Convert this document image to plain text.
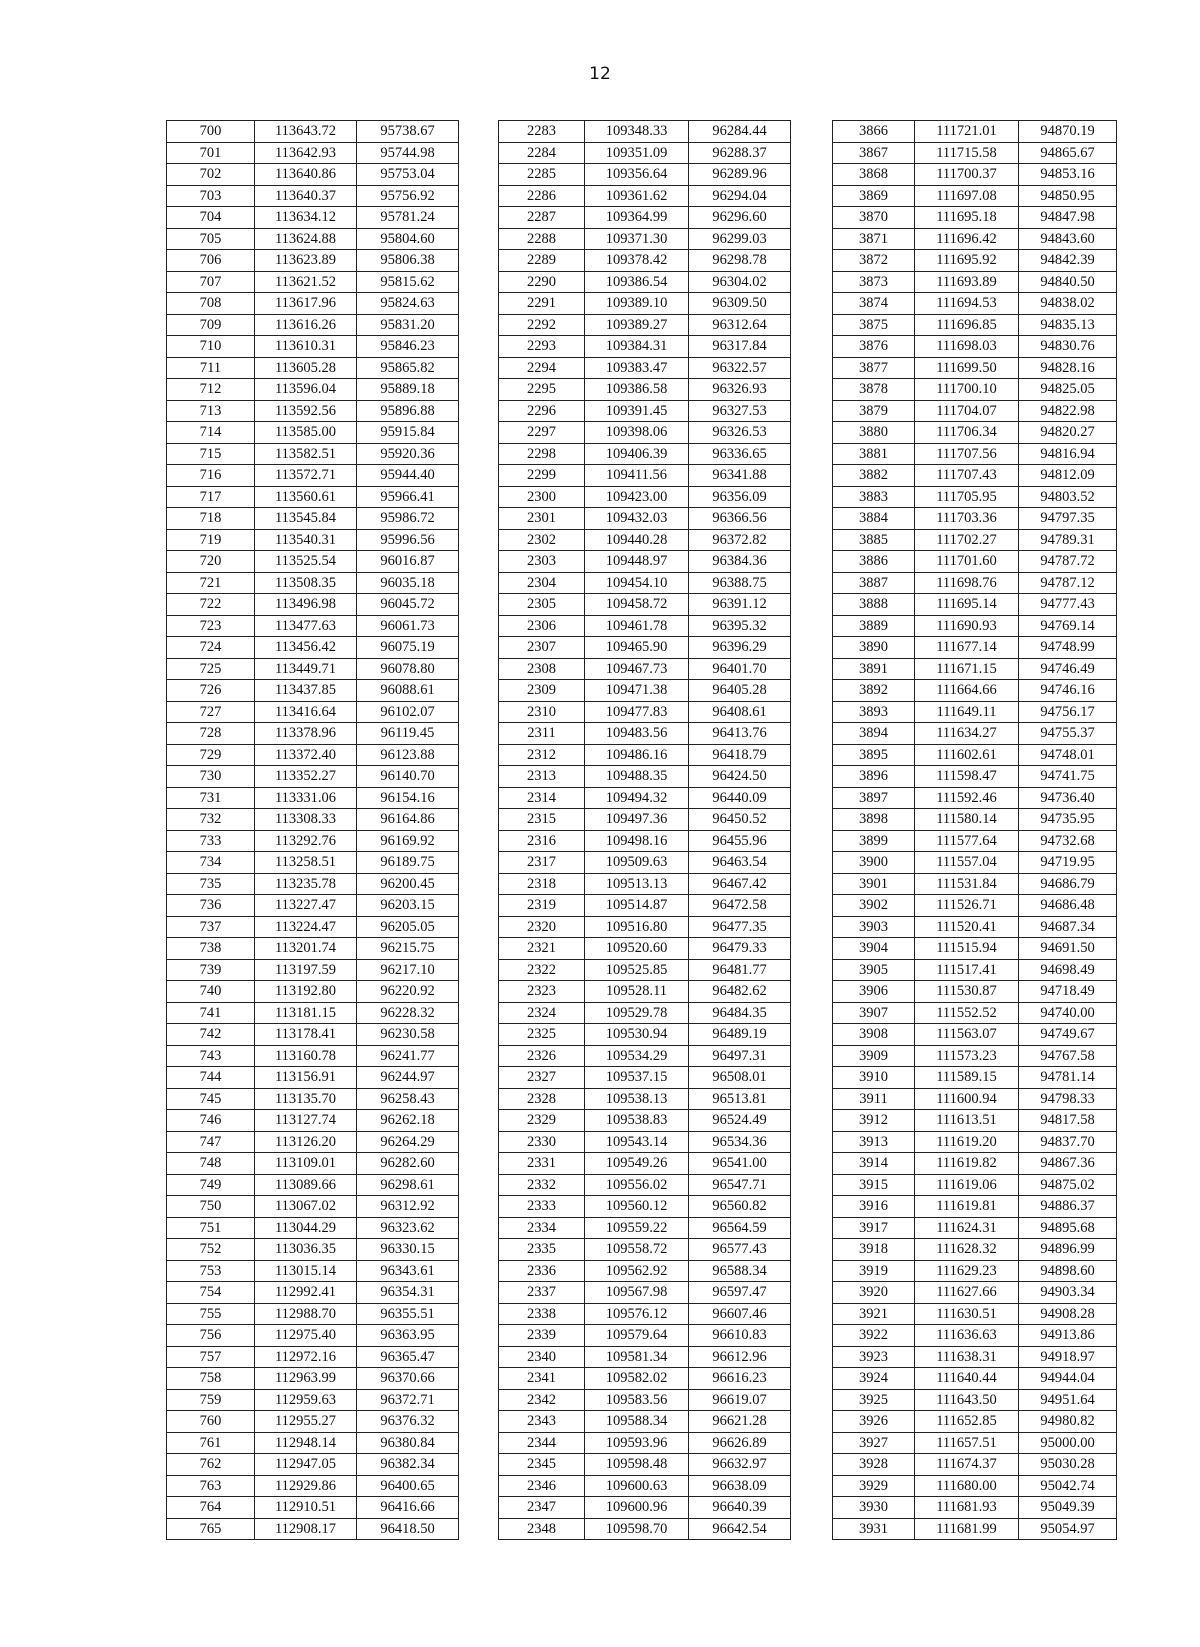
12
700	113643.72	95738.67
701	113642.93	95744.98
702	113640.86	95753.04
703	113640.37	95756.92
704	113634.12	95781.24
705	113624.88	95804.60
706	113623.89	95806.38
707	113621.52	95815.62
708	113617.96	95824.63
709	113616.26	95831.20
710	113610.31	95846.23
711	113605.28	95865.82
712	113596.04	95889.18
713	113592.56	95896.88
714	113585.00	95915.84
715	113582.51	95920.36
716	113572.71	95944.40
717	113560.61	95966.41
718	113545.84	95986.72
719	113540.31	95996.56
720	113525.54	96016.87
721	113508.35	96035.18
722	113496.98	96045.72
723	113477.63	96061.73
724	113456.42	96075.19
725	113449.71	96078.80
726	113437.85	96088.61
727	113416.64	96102.07
728	113378.96	96119.45
729	113372.40	96123.88
730	113352.27	96140.70
731	113331.06	96154.16
732	113308.33	96164.86
733	113292.76	96169.92
734	113258.51	96189.75
735	113235.78	96200.45
736	113227.47	96203.15
737	113224.47	96205.05
738	113201.74	96215.75
739	113197.59	96217.10
740	113192.80	96220.92
741	113181.15	96228.32
742	113178.41	96230.58
743	113160.78	96241.77
744	113156.91	96244.97
745	113135.70	96258.43
746	113127.74	96262.18
747	113126.20	96264.29
748	113109.01	96282.60
749	113089.66	96298.61
750	113067.02	96312.92
751	113044.29	96323.62
752	113036.35	96330.15
753	113015.14	96343.61
754	112992.41	96354.31
755	112988.70	96355.51
756	112975.40	96363.95
757	112972.16	96365.47
758	112963.99	96370.66
759	112959.63	96372.71
760	112955.27	96376.32
761	112948.14	96380.84
762	112947.05	96382.34
763	112929.86	96400.65
764	112910.51	96416.66
765	112908.17	96418.50
2283	109348.33	96284.44
2284	109351.09	96288.37
2285	109356.64	96289.96
2286	109361.62	96294.04
2287	109364.99	96296.60
2288	109371.30	96299.03
2289	109378.42	96298.78
2290	109386.54	96304.02
2291	109389.10	96309.50
2292	109389.27	96312.64
2293	109384.31	96317.84
2294	109383.47	96322.57
2295	109386.58	96326.93
2296	109391.45	96327.53
2297	109398.06	96326.53
2298	109406.39	96336.65
2299	109411.56	96341.88
2300	109423.00	96356.09
2301	109432.03	96366.56
2302	109440.28	96372.82
2303	109448.97	96384.36
2304	109454.10	96388.75
2305	109458.72	96391.12
2306	109461.78	96395.32
2307	109465.90	96396.29
2308	109467.73	96401.70
2309	109471.38	96405.28
2310	109477.83	96408.61
2311	109483.56	96413.76
2312	109486.16	96418.79
2313	109488.35	96424.50
2314	109494.32	96440.09
2315	109497.36	96450.52
2316	109498.16	96455.96
2317	109509.63	96463.54
2318	109513.13	96467.42
2319	109514.87	96472.58
2320	109516.80	96477.35
2321	109520.60	96479.33
2322	109525.85	96481.77
2323	109528.11	96482.62
2324	109529.78	96484.35
2325	109530.94	96489.19
2326	109534.29	96497.31
2327	109537.15	96508.01
2328	109538.13	96513.81
2329	109538.83	96524.49
2330	109543.14	96534.36
2331	109549.26	96541.00
2332	109556.02	96547.71
2333	109560.12	96560.82
2334	109559.22	96564.59
2335	109558.72	96577.43
2336	109562.92	96588.34
2337	109567.98	96597.47
2338	109576.12	96607.46
2339	109579.64	96610.83
2340	109581.34	96612.96
2341	109582.02	96616.23
2342	109583.56	96619.07
2343	109588.34	96621.28
2344	109593.96	96626.89
2345	109598.48	96632.97
2346	109600.63	96638.09
2347	109600.96	96640.39
2348	109598.70	96642.54
3866	111721.01	94870.19
3867	111715.58	94865.67
3868	111700.37	94853.16
3869	111697.08	94850.95
3870	111695.18	94847.98
3871	111696.42	94843.60
3872	111695.92	94842.39
3873	111693.89	94840.50
3874	111694.53	94838.02
3875	111696.85	94835.13
3876	111698.03	94830.76
3877	111699.50	94828.16
3878	111700.10	94825.05
3879	111704.07	94822.98
3880	111706.34	94820.27
3881	111707.56	94816.94
3882	111707.43	94812.09
3883	111705.95	94803.52
3884	111703.36	94797.35
3885	111702.27	94789.31
3886	111701.60	94787.72
3887	111698.76	94787.12
3888	111695.14	94777.43
3889	111690.93	94769.14
3890	111677.14	94748.99
3891	111671.15	94746.49
3892	111664.66	94746.16
3893	111649.11	94756.17
3894	111634.27	94755.37
3895	111602.61	94748.01
3896	111598.47	94741.75
3897	111592.46	94736.40
3898	111580.14	94735.95
3899	111577.64	94732.68
3900	111557.04	94719.95
3901	111531.84	94686.79
3902	111526.71	94686.48
3903	111520.41	94687.34
3904	111515.94	94691.50
3905	111517.41	94698.49
3906	111530.87	94718.49
3907	111552.52	94740.00
3908	111563.07	94749.67
3909	111573.23	94767.58
3910	111589.15	94781.14
3911	111600.94	94798.33
3912	111613.51	94817.58
3913	111619.20	94837.70
3914	111619.82	94867.36
3915	111619.06	94875.02
3916	111619.81	94886.37
3917	111624.31	94895.68
3918	111628.32	94896.99
3919	111629.23	94898.60
3920	111627.66	94903.34
3921	111630.51	94908.28
3922	111636.63	94913.86
3923	111638.31	94918.97
3924	111640.44	94944.04
3925	111643.50	94951.64
3926	111652.85	94980.82
3927	111657.51	95000.00
3928	111674.37	95030.28
3929	111680.00	95042.74
3930	111681.93	95049.39
3931	111681.99	95054.97
